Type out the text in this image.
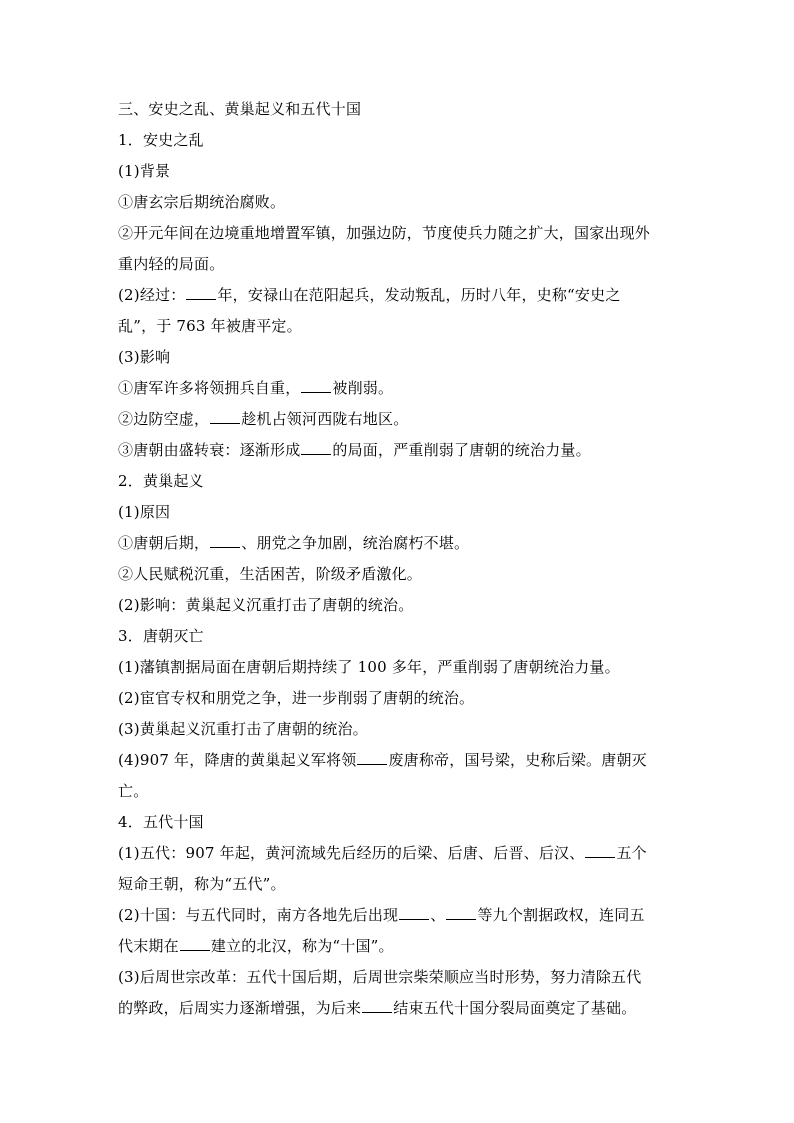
三、安史之乱、黄巢起义和五代十国
1．安史之乱
(1)背景
①唐玄宗后期统治腐败。
②开元年间在边境重地增置军镇，加强边防，节度使兵力随之扩大，国家出现外
重内轻的局面。
(2)经过： 年，安禄山在范阳起兵，发动叛乱，历时八年，史称“安史之
乱”，于 763 年被唐平定。
(3)影响
①唐军许多将领拥兵自重， 被削弱。
②边防空虚， 趁机占领河西陇右地区。
③唐朝由盛转衰：逐渐形成 的局面，严重削弱了唐朝的统治力量。
2．黄巢起义
(1)原因
①唐朝后期， 、朋党之争加剧，统治腐朽不堪。
②人民赋税沉重，生活困苦，阶级矛盾激化。
(2)影响：黄巢起义沉重打击了唐朝的统治。
3．唐朝灭亡
(1)藩镇割据局面在唐朝后期持续了 100 多年，严重削弱了唐朝统治力量。
(2)宦官专权和朋党之争，进一步削弱了唐朝的统治。
(3)黄巢起义沉重打击了唐朝的统治。
(4)907 年，降唐的黄巢起义军将领 废唐称帝，国号梁，史称后梁。唐朝灭
亡。
4．五代十国
(1)五代：907 年起，黄河流域先后经历的后梁、后唐、后晋、后汉、 五个
短命王朝，称为“五代”。
(2)十国：与五代同时，南方各地先后出现 、 等九个割据政权，连同五
代末期在 建立的北汉，称为“十国”。
(3)后周世宗改革：五代十国后期，后周世宗柴荣顺应当时形势，努力清除五代
的弊政，后周实力逐渐增强，为后来 结束五代十国分裂局面奠定了基础。
